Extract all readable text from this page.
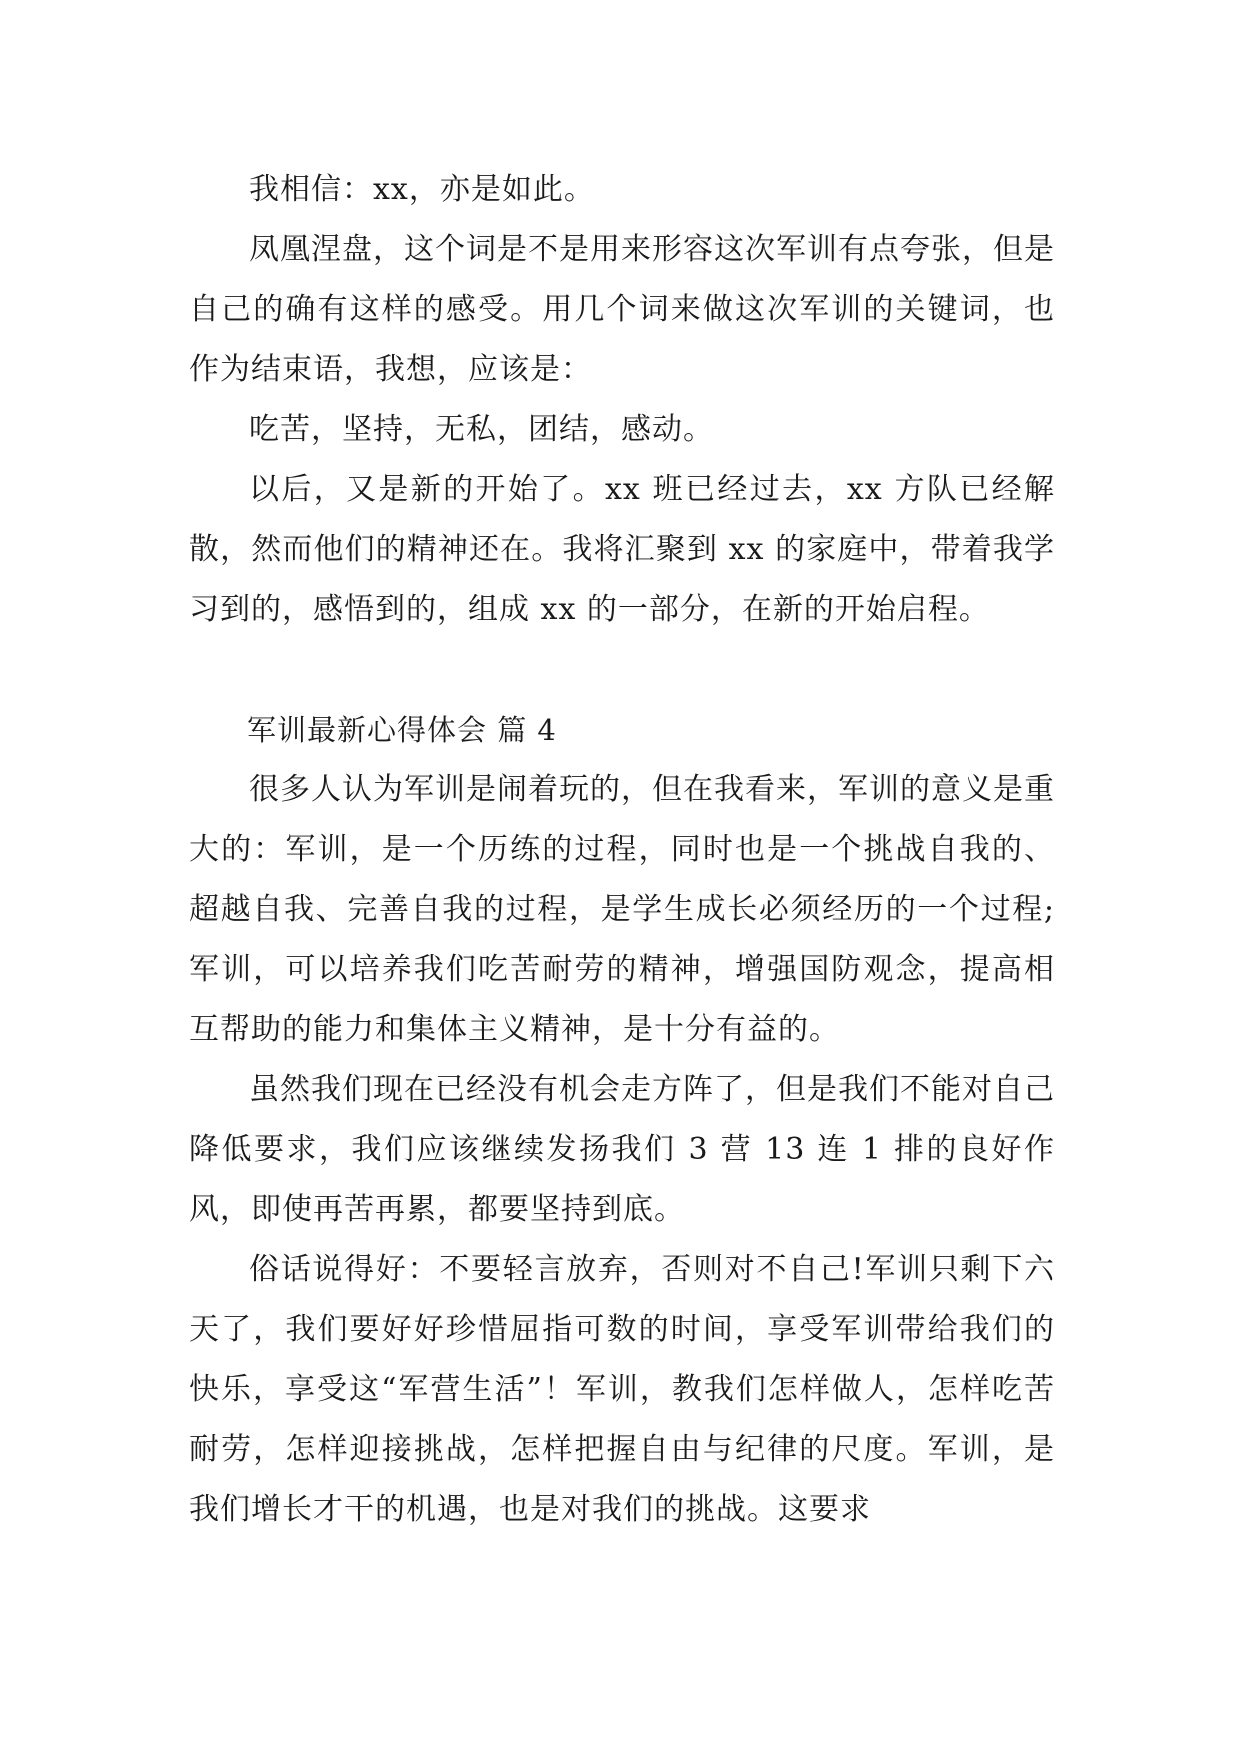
我相信：xx，亦是如此。

凤凰涅盘，这个词是不是用来形容这次军训有点夸张，但是自己的确有这样的感受。用几个词来做这次军训的关键词，也作为结束语，我想，应该是：

吃苦，坚持，无私，团结，感动。

以后，又是新的开始了。xx 班已经过去，xx 方队已经解散，然而他们的精神还在。我将汇聚到 xx 的家庭中，带着我学习到的，感悟到的，组成 xx 的一部分，在新的开始启程。

军训最新心得体会 篇 4

很多人认为军训是闹着玩的，但在我看来，军训的意义是重大的：军训，是一个历练的过程，同时也是一个挑战自我的、超越自我、完善自我的过程，是学生成长必须经历的一个过程;军训，可以培养我们吃苦耐劳的精神，增强国防观念，提高相互帮助的能力和集体主义精神，是十分有益的。

虽然我们现在已经没有机会走方阵了，但是我们不能对自己降低要求，我们应该继续发扬我们 3 营 13 连 1 排的良好作风，即使再苦再累，都要坚持到底。

俗话说得好：不要轻言放弃，否则对不自己!军训只剩下六天了，我们要好好珍惜屈指可数的时间，享受军训带给我们的快乐，享受这“军营生活”！军训，教我们怎样做人，怎样吃苦耐劳，怎样迎接挑战，怎样把握自由与纪律的尺度。军训，是我们增长才干的机遇，也是对我们的挑战。这要求
